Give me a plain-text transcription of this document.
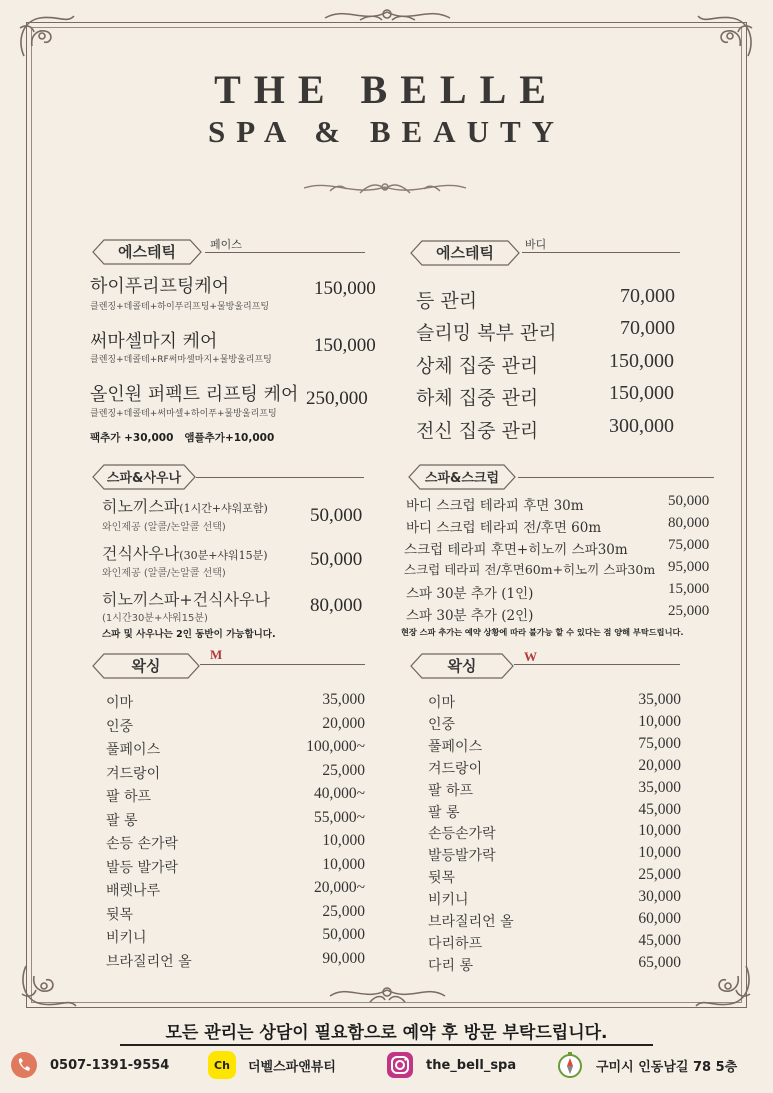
THE BELLE
SPA & BEAUTY
에스테틱	페이스
하이푸리프팅케어
클렌징+데콜테+하이푸리프팅+물방울리프팅
150,000
써마셀마지 케어
클렌징+데콜테+RF써마셀마지+물방울리프팅
150,000
올인원 퍼펙트 리프팅 케어
클렌징+데콜테+써마셀+하이푸+물방울리프팅
250,000
팩추가 +30,000   앰플추가+10,000
에스테틱	바디
등 관리	70,000
슬리밍 복부 관리	70,000
상체 집중 관리	150,000
하체 집중 관리	150,000
전신 집중 관리	300,000
스파&사우나
히노끼스파(1시간+샤워포함)
와인제공 (알콜/논알콜 선택)
50,000
건식사우나(30분+샤워15분)
와인제공 (알콜/논알콜 선택)
50,000
히노끼스파+건식사우나
(1시간30분+샤워15분)
80,000
스파 및 사우나는 2인 동반이 가능합니다.
스파&스크럽
바디 스크럽 테라피 후면 30m	50,000
바디 스크럽 테라피 전/후면 60m	80,000
스크럽 테라피 후면+히노끼 스파30m	75,000
스크럽 테라피 전/후면60m+히노끼 스파30m 95,000
스파 30분 추가 (1인)	15,000
스파 30분 추가 (2인)	25,000
현장 스파 추가는 예약 상황에 따라 불가능 할 수 있다는 점 양해 부탁드립니다.
왁싱
M
이마	35,000
인중	20,000
풀페이스	100,000~
겨드랑이	25,000
팔 하프	40,000~
팔 롱	55,000~
손등 손가락	10,000
발등 발가락	10,000
배렛나루	20,000~
뒷목	25,000
비키니	50,000
브라질리언 올	90,000
왁싱
W
이마	35,000
인중	10,000
풀페이스	75,000
겨드랑이	20,000
팔 하프	35,000
팔 롱	45,000
손등손가락	10,000
발등발가락	10,000
뒷목	25,000
비키니	30,000
브라질리언 올	60,000
다리하프	45,000
다리 롱	65,000
모든 관리는 상담이 필요함으로 예약 후 방문 부탁드립니다.
0507-1391-9554	Ch	더벨스파앤뷰티	the_bell_spa	구미시 인동남길 78 5층
